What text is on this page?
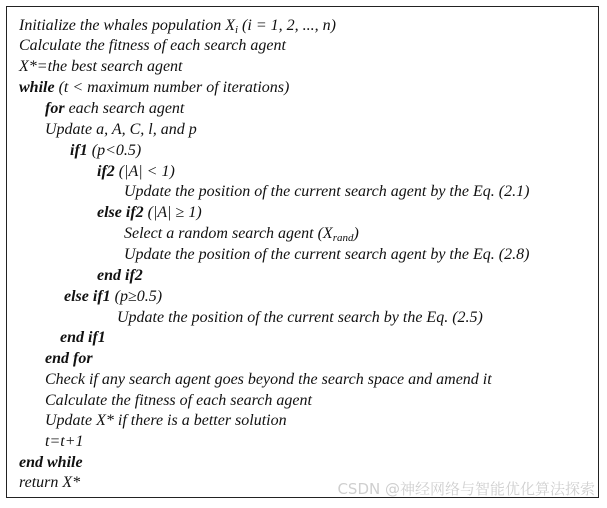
Initialize the whales population $X_i$ (i = 1, 2, ..., n)
Calculate the fitness of each search agent
X*=the best search agent
while (t < maximum number of iterations)
for each search agent
Update a, A, C, l, and p
if1 (p<0.5)
if2 (|A| < 1)
Update the position of the current search agent by the Eq. (2.1)
else if2 (|A| ≥ 1)
Select a random search agent $(X_{rand})$
Update the position of the current search agent by the Eq. (2.8)
end if2
else if1 (p≥0.5)
Update the position of the current search by the Eq. (2.5)
end if1
end for
Check if any search agent goes beyond the search space and amend it
Calculate the fitness of each search agent
Update X* if there is a better solution
t=t+1
end while
return X*	CSDN @神经网络与智能优化算法探索
